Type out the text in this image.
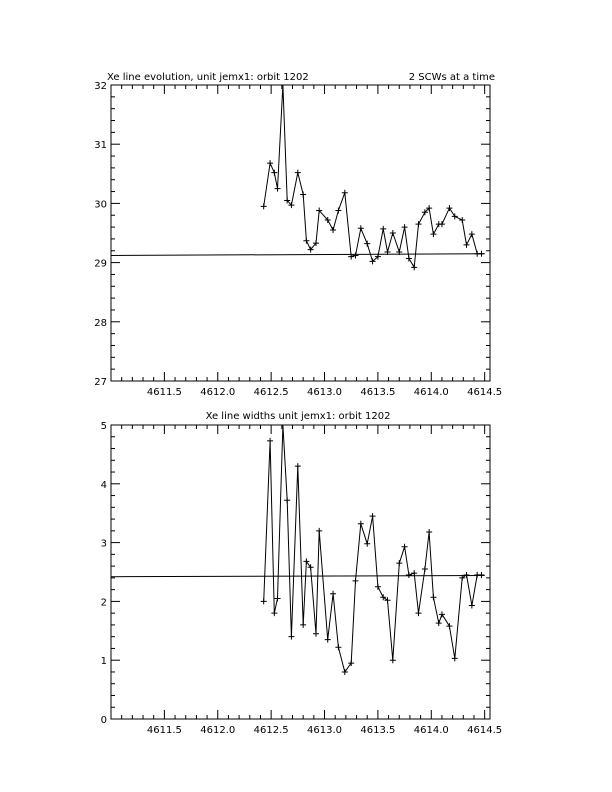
Xe line evolution, unit jemx1: orbit 1202	2 SCWs at a time
4611.5 4612.0 4612.5 4613.0 4613.5 4614.0 4614.5
27
28
29
30
31
32
Xe line widths unit jemx1: orbit 1202
4611.5 4612.0 4612.5 4613.0 4613.5 4614.0 4614.5
0
1
2
3
4
5
